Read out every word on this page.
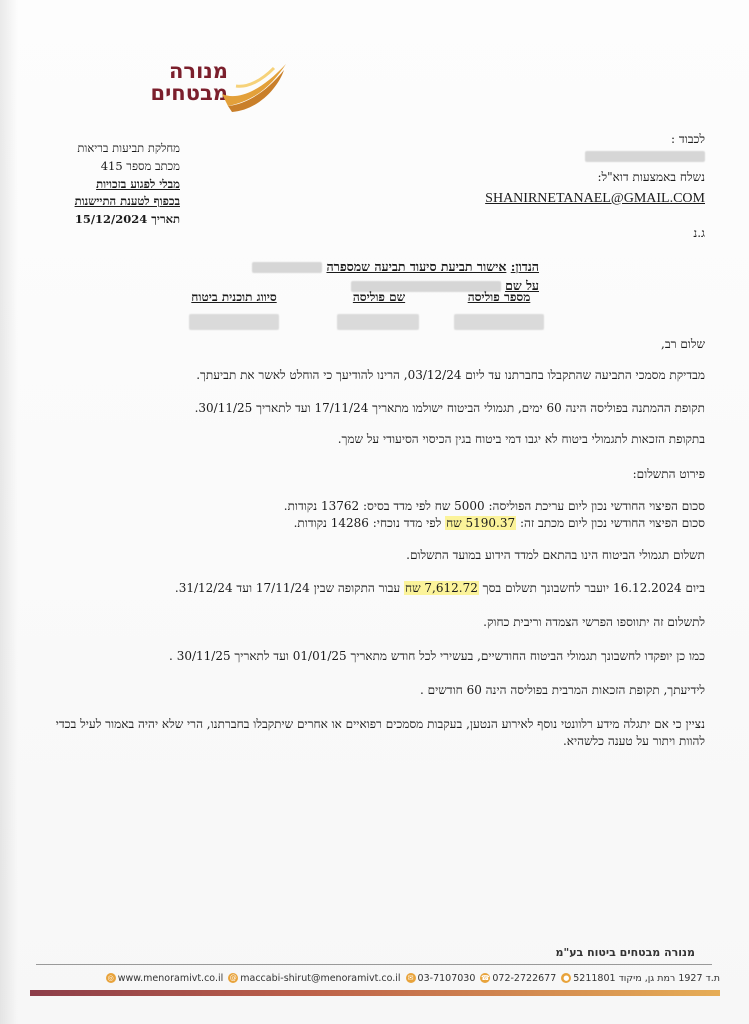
מנורה
מבטחים
מחלקת תביעות בריאות
מכתב מספר 415
מבלי לפגוע בזכויות
בכפוף לטענת התיישנות
תאריך 15/12/2024
לכבוד :
נשלח באמצעות דוא"ל:
SHANIRNETANAEL@GMAIL.COM
ג.נ
הנדון: אישור תביעת סיעוד תביעה שמספרה
על שם
מספר פוליסה
שם פוליסה
סיווג תוכנית ביטוח
שלום רב,
מבדיקת מסמכי התביעה שהתקבלו בחברתנו עד ליום 03/12/24, הרינו להודיעך כי הוחלט לאשר את תביעתך.
תקופת ההמתנה בפוליסה הינה 60 ימים, תגמולי הביטוח ישולמו מתאריך 17/11/24 ועד לתאריך 30/11/25.
בתקופת הזכאות לתגמולי ביטוח לא יגבו דמי ביטוח בגין הכיסוי הסיעודי על שמך.
פירוט התשלום:
סכום הפיצוי החודשי נכון ליום עריכת הפוליסה: 5000 שח לפי מדד בסיס: 13762 נקודות.
סכום הפיצוי החודשי נכון ליום מכתב זה: 5190.37 שח לפי מדד נוכחי: 14286 נקודות.
תשלום תגמולי הביטוח הינו בהתאם למדד הידוע במועד התשלום.
ביום 16.12.2024 יועבר לחשבונך תשלום בסך 7,612.72 שח עבור התקופה שבין 17/11/24 ועד 31/12/24.
לתשלום זה יתווספו הפרשי הצמדה וריבית כחוק.
כמו כן יופקדו לחשבונך תגמולי הביטוח החודשיים, בעשירי לכל חודש מתאריך 01/01/25 ועד לתאריך 30/11/25 .
לידיעתך, תקופת הזכאות המרבית בפוליסה הינה 60 חודשים .
נציין כי אם יתגלה מידע רלוונטי נוסף לאירוע הנטען, בעקבות מסמכים רפואיים או אחרים שיתקבלו בחברתנו, הרי שלא יהיה באמור לעיל בכדי להוות ויתור על טענה כלשהיא.
מנורה מבטחים ביטוח בע"מ
● ת.ד 1927 רמת גן, מיקוד 5211801
☎ 072-2722677
✉ 03-7107030
@ maccabi-shirut@menoramivt.co.il
◎ www.menoramivt.co.il
